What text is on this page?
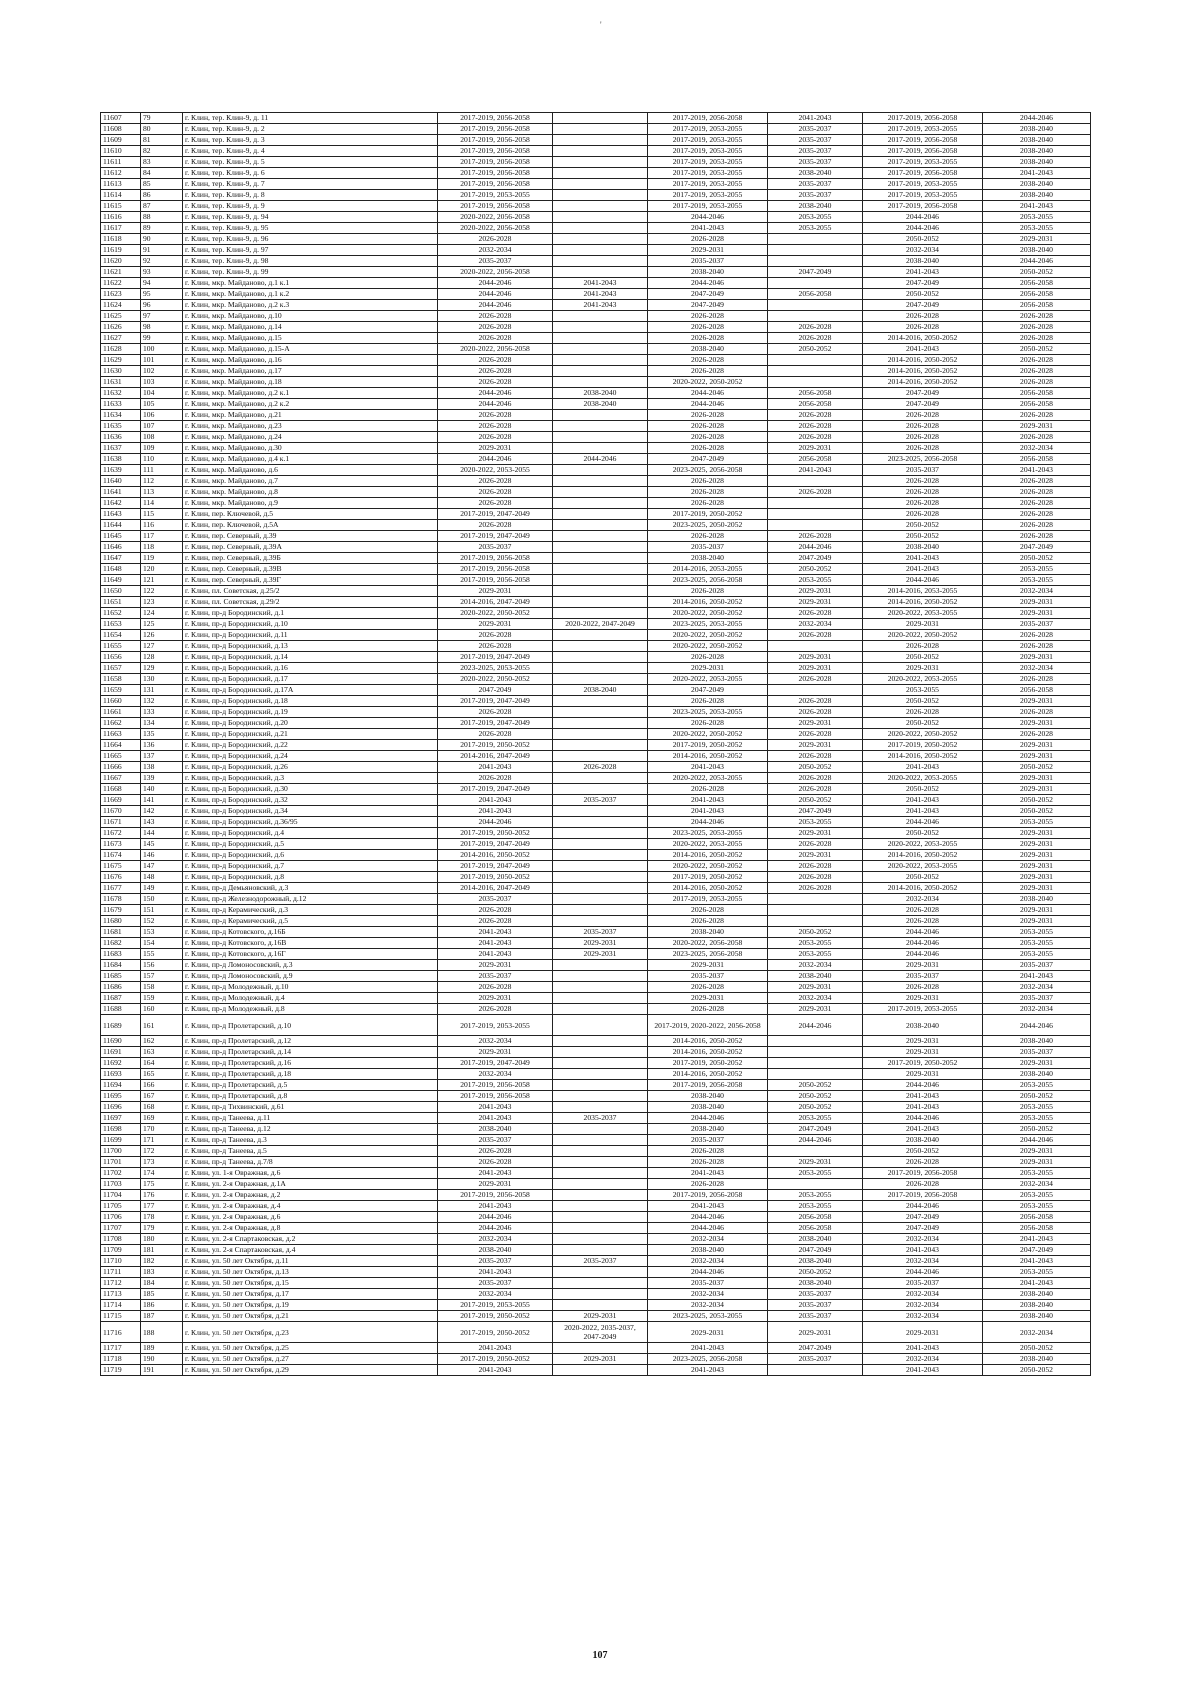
'
11607	79	г. Клин, тер. Клин-9, д. 11	2017-2019, 2056-2058		2017-2019, 2056-2058	2041-2043	2017-2019, 2056-2058	2044-2046
11608	80	г. Клин, тер. Клин-9, д. 2	2017-2019, 2056-2058		2017-2019, 2053-2055	2035-2037	2017-2019, 2053-2055	2038-2040
11609	81	г. Клин, тер. Клин-9, д. 3	2017-2019, 2056-2058		2017-2019, 2053-2055	2035-2037	2017-2019, 2056-2058	2038-2040
11610	82	г. Клин, тер. Клин-9, д. 4	2017-2019, 2056-2058		2017-2019, 2053-2055	2035-2037	2017-2019, 2056-2058	2038-2040
11611	83	г. Клин, тер. Клин-9, д. 5	2017-2019, 2056-2058		2017-2019, 2053-2055	2035-2037	2017-2019, 2053-2055	2038-2040
11612	84	г. Клин, тер. Клин-9, д. 6	2017-2019, 2056-2058		2017-2019, 2053-2055	2038-2040	2017-2019, 2056-2058	2041-2043
11613	85	г. Клин, тер. Клин-9, д. 7	2017-2019, 2056-2058		2017-2019, 2053-2055	2035-2037	2017-2019, 2053-2055	2038-2040
11614	86	г. Клин, тер. Клин-9, д. 8	2017-2019, 2053-2055		2017-2019, 2053-2055	2035-2037	2017-2019, 2053-2055	2038-2040
11615	87	г. Клин, тер. Клин-9, д. 9	2017-2019, 2056-2058		2017-2019, 2053-2055	2038-2040	2017-2019, 2056-2058	2041-2043
11616	88	г. Клин, тер. Клин-9, д. 94	2020-2022, 2056-2058		2044-2046	2053-2055	2044-2046	2053-2055
11617	89	г. Клин, тер. Клин-9, д. 95	2020-2022, 2056-2058		2041-2043	2053-2055	2044-2046	2053-2055
11618	90	г. Клин, тер. Клин-9, д. 96	2026-2028		2026-2028		2050-2052	2029-2031
11619	91	г. Клин, тер. Клин-9, д. 97	2032-2034		2029-2031		2032-2034	2038-2040
11620	92	г. Клин, тер. Клин-9, д. 98	2035-2037		2035-2037		2038-2040	2044-2046
11621	93	г. Клин, тер. Клин-9, д. 99	2020-2022, 2056-2058		2038-2040	2047-2049	2041-2043	2050-2052
11622	94	г. Клин, мкр. Майданово, д.1 к.1	2044-2046	2041-2043	2044-2046		2047-2049	2056-2058
11623	95	г. Клин, мкр. Майданово, д.1 к.2	2044-2046	2041-2043	2047-2049	2056-2058	2050-2052	2056-2058
11624	96	г. Клин, мкр. Майданово, д.2 к.3	2044-2046	2041-2043	2047-2049		2047-2049	2056-2058
11625	97	г. Клин, мкр. Майданово, д.10	2026-2028		2026-2028		2026-2028	2026-2028
11626	98	г. Клин, мкр. Майданово, д.14	2026-2028		2026-2028	2026-2028	2026-2028	2026-2028
11627	99	г. Клин, мкр. Майданово, д.15	2026-2028		2026-2028	2026-2028	2014-2016, 2050-2052	2026-2028
11628	100	г. Клин, мкр. Майданово, д.15-А	2020-2022, 2056-2058		2038-2040	2050-2052	2041-2043	2050-2052
11629	101	г. Клин, мкр. Майданово, д.16	2026-2028		2026-2028		2014-2016, 2050-2052	2026-2028
11630	102	г. Клин, мкр. Майданово, д.17	2026-2028		2026-2028		2014-2016, 2050-2052	2026-2028
11631	103	г. Клин, мкр. Майданово, д.18	2026-2028		2020-2022, 2050-2052		2014-2016, 2050-2052	2026-2028
11632	104	г. Клин, мкр. Майданово, д.2 к.1	2044-2046	2038-2040	2044-2046	2056-2058	2047-2049	2056-2058
11633	105	г. Клин, мкр. Майданово, д.2 к.2	2044-2046	2038-2040	2044-2046	2056-2058	2047-2049	2056-2058
11634	106	г. Клин, мкр. Майданово, д.21	2026-2028		2026-2028	2026-2028	2026-2028	2026-2028
11635	107	г. Клин, мкр. Майданово, д.23	2026-2028		2026-2028	2026-2028	2026-2028	2029-2031
11636	108	г. Клин, мкр. Майданово, д.24	2026-2028		2026-2028	2026-2028	2026-2028	2026-2028
11637	109	г. Клин, мкр. Майданово, д.30	2029-2031		2026-2028	2029-2031	2026-2028	2032-2034
11638	110	г. Клин, мкр. Майданово, д.4 к.1	2044-2046	2044-2046	2047-2049	2056-2058	2023-2025, 2056-2058	2056-2058
11639	111	г. Клин, мкр. Майданово, д.6	2020-2022, 2053-2055		2023-2025, 2056-2058	2041-2043	2035-2037	2041-2043
11640	112	г. Клин, мкр. Майданово, д.7	2026-2028		2026-2028		2026-2028	2026-2028
11641	113	г. Клин, мкр. Майданово, д.8	2026-2028		2026-2028	2026-2028	2026-2028	2026-2028
11642	114	г. Клин, мкр. Майданово, д.9	2026-2028		2026-2028		2026-2028	2026-2028
11643	115	г. Клин, пер. Ключевой, д.5	2017-2019, 2047-2049		2017-2019, 2050-2052		2026-2028	2026-2028
11644	116	г. Клин, пер. Ключевой, д.5А	2026-2028		2023-2025, 2050-2052		2050-2052	2026-2028
11645	117	г. Клин, пер. Северный, д.39	2017-2019, 2047-2049		2026-2028	2026-2028	2050-2052	2026-2028
11646	118	г. Клин, пер. Северный, д.39А	2035-2037		2035-2037	2044-2046	2038-2040	2047-2049
11647	119	г. Клин, пер. Северный, д.39Б	2017-2019, 2056-2058		2038-2040	2047-2049	2041-2043	2050-2052
11648	120	г. Клин, пер. Северный, д.39В	2017-2019, 2056-2058		2014-2016, 2053-2055	2050-2052	2041-2043	2053-2055
11649	121	г. Клин, пер. Северный, д.39Г	2017-2019, 2056-2058		2023-2025, 2056-2058	2053-2055	2044-2046	2053-2055
11650	122	г. Клин, пл. Советская, д.25/2	2029-2031		2026-2028	2029-2031	2014-2016, 2053-2055	2032-2034
11651	123	г. Клин, пл. Советская, д.29/2	2014-2016, 2047-2049		2014-2016, 2050-2052	2029-2031	2014-2016, 2050-2052	2029-2031
11652	124	г. Клин, пр-д Бородинский, д.1	2020-2022, 2050-2052		2020-2022, 2050-2052	2026-2028	2020-2022, 2053-2055	2029-2031
11653	125	г. Клин, пр-д Бородинский, д.10	2029-2031	2020-2022, 2047-2049	2023-2025, 2053-2055	2032-2034	2029-2031	2035-2037
11654	126	г. Клин, пр-д Бородинский, д.11	2026-2028		2020-2022, 2050-2052	2026-2028	2020-2022, 2050-2052	2026-2028
11655	127	г. Клин, пр-д Бородинский, д.13	2026-2028		2020-2022, 2050-2052		2026-2028	2026-2028
11656	128	г. Клин, пр-д Бородинский, д.14	2017-2019, 2047-2049		2026-2028	2029-2031	2050-2052	2029-2031
11657	129	г. Клин, пр-д Бородинский, д.16	2023-2025, 2053-2055		2029-2031	2029-2031	2029-2031	2032-2034
11658	130	г. Клин, пр-д Бородинский, д.17	2020-2022, 2050-2052		2020-2022, 2053-2055	2026-2028	2020-2022, 2053-2055	2026-2028
11659	131	г. Клин, пр-д Бородинский, д.17А	2047-2049	2038-2040	2047-2049		2053-2055	2056-2058
11660	132	г. Клин, пр-д Бородинский, д.18	2017-2019, 2047-2049		2026-2028	2026-2028	2050-2052	2029-2031
11661	133	г. Клин, пр-д Бородинский, д.19	2026-2028		2023-2025, 2053-2055	2026-2028	2026-2028	2026-2028
11662	134	г. Клин, пр-д Бородинский, д.20	2017-2019, 2047-2049		2026-2028	2029-2031	2050-2052	2029-2031
11663	135	г. Клин, пр-д Бородинский, д.21	2026-2028		2020-2022, 2050-2052	2026-2028	2020-2022, 2050-2052	2026-2028
11664	136	г. Клин, пр-д Бородинский, д.22	2017-2019, 2050-2052		2017-2019, 2050-2052	2029-2031	2017-2019, 2050-2052	2029-2031
11665	137	г. Клин, пр-д Бородинский, д.24	2014-2016, 2047-2049		2014-2016, 2050-2052	2026-2028	2014-2016, 2050-2052	2029-2031
11666	138	г. Клин, пр-д Бородинский, д.26	2041-2043	2026-2028	2041-2043	2050-2052	2041-2043	2050-2052
11667	139	г. Клин, пр-д Бородинский, д.3	2026-2028		2020-2022, 2053-2055	2026-2028	2020-2022, 2053-2055	2029-2031
11668	140	г. Клин, пр-д Бородинский, д.30	2017-2019, 2047-2049		2026-2028	2026-2028	2050-2052	2029-2031
11669	141	г. Клин, пр-д Бородинский, д.32	2041-2043	2035-2037	2041-2043	2050-2052	2041-2043	2050-2052
11670	142	г. Клин, пр-д Бородинский, д.34	2041-2043		2041-2043	2047-2049	2041-2043	2050-2052
11671	143	г. Клин, пр-д Бородинский, д.36/95	2044-2046		2044-2046	2053-2055	2044-2046	2053-2055
11672	144	г. Клин, пр-д Бородинский, д.4	2017-2019, 2050-2052		2023-2025, 2053-2055	2029-2031	2050-2052	2029-2031
11673	145	г. Клин, пр-д Бородинский, д.5	2017-2019, 2047-2049		2020-2022, 2053-2055	2026-2028	2020-2022, 2053-2055	2029-2031
11674	146	г. Клин, пр-д Бородинский, д.6	2014-2016, 2050-2052		2014-2016, 2050-2052	2029-2031	2014-2016, 2050-2052	2029-2031
11675	147	г. Клин, пр-д Бородинский, д.7	2017-2019, 2047-2049		2020-2022, 2050-2052	2026-2028	2020-2022, 2053-2055	2029-2031
11676	148	г. Клин, пр-д Бородинский, д.8	2017-2019, 2050-2052		2017-2019, 2050-2052	2026-2028	2050-2052	2029-2031
11677	149	г. Клин, пр-д Демьяновский, д.3	2014-2016, 2047-2049		2014-2016, 2050-2052	2026-2028	2014-2016, 2050-2052	2029-2031
11678	150	г. Клин, пр-д Железнодорожный, д.12	2035-2037		2017-2019, 2053-2055		2032-2034	2038-2040
11679	151	г. Клин, пр-д Керамический, д.3	2026-2028		2026-2028		2026-2028	2029-2031
11680	152	г. Клин, пр-д Керамический, д.5	2026-2028		2026-2028		2026-2028	2029-2031
11681	153	г. Клин, пр-д Котовского, д.16Б	2041-2043	2035-2037	2038-2040	2050-2052	2044-2046	2053-2055
11682	154	г. Клин, пр-д Котовского, д.16В	2041-2043	2029-2031	2020-2022, 2056-2058	2053-2055	2044-2046	2053-2055
11683	155	г. Клин, пр-д Котовского, д.16Г	2041-2043	2029-2031	2023-2025, 2056-2058	2053-2055	2044-2046	2053-2055
11684	156	г. Клин, пр-д Ломоносовский, д.3	2029-2031		2029-2031	2032-2034	2029-2031	2035-2037
11685	157	г. Клин, пр-д Ломоносовский, д.9	2035-2037		2035-2037	2038-2040	2035-2037	2041-2043
11686	158	г. Клин, пр-д Молодежный, д.10	2026-2028		2026-2028	2029-2031	2026-2028	2032-2034
11687	159	г. Клин, пр-д Молодежный, д.4	2029-2031		2029-2031	2032-2034	2029-2031	2035-2037
11688	160	г. Клин, пр-д Молодежный, д.8	2026-2028		2026-2028	2029-2031	2017-2019, 2053-2055	2032-2034
11689	161	г. Клин, пр-д Пролетарский, д.10	2017-2019, 2053-2055		2017-2019, 2020-2022, 2056-2058	2044-2046	2038-2040	2044-2046
11690	162	г. Клин, пр-д Пролетарский, д.12	2032-2034		2014-2016, 2050-2052		2029-2031	2038-2040
11691	163	г. Клин, пр-д Пролетарский, д.14	2029-2031		2014-2016, 2050-2052		2029-2031	2035-2037
11692	164	г. Клин, пр-д Пролетарский, д.16	2017-2019, 2047-2049		2017-2019, 2050-2052		2017-2019, 2050-2052	2029-2031
11693	165	г. Клин, пр-д Пролетарский, д.18	2032-2034		2014-2016, 2050-2052		2029-2031	2038-2040
11694	166	г. Клин, пр-д Пролетарский, д.5	2017-2019, 2056-2058		2017-2019, 2056-2058	2050-2052	2044-2046	2053-2055
11695	167	г. Клин, пр-д Пролетарский, д.8	2017-2019, 2056-2058		2038-2040	2050-2052	2041-2043	2050-2052
11696	168	г. Клин, пр-д Тихвинский, д.61	2041-2043		2038-2040	2050-2052	2041-2043	2053-2055
11697	169	г. Клин, пр-д Танеева, д.11	2041-2043	2035-2037	2044-2046	2053-2055	2044-2046	2053-2055
11698	170	г. Клин, пр-д Танеева, д.12	2038-2040		2038-2040	2047-2049	2041-2043	2050-2052
11699	171	г. Клин, пр-д Танеева, д.3	2035-2037		2035-2037	2044-2046	2038-2040	2044-2046
11700	172	г. Клин, пр-д Танеева, д.5	2026-2028		2026-2028		2050-2052	2029-2031
11701	173	г. Клин, пр-д Танеева, д.7/8	2026-2028		2026-2028	2029-2031	2026-2028	2029-2031
11702	174	г. Клин, ул. 1-я Овражная, д.6	2041-2043		2041-2043	2053-2055	2017-2019, 2056-2058	2053-2055
11703	175	г. Клин, ул. 2-я Овражная, д.1А	2029-2031		2026-2028		2026-2028	2032-2034
11704	176	г. Клин, ул. 2-я Овражная, д.2	2017-2019, 2056-2058		2017-2019, 2056-2058	2053-2055	2017-2019, 2056-2058	2053-2055
11705	177	г. Клин, ул. 2-я Овражная, д.4	2041-2043		2041-2043	2053-2055	2044-2046	2053-2055
11706	178	г. Клин, ул. 2-я Овражная, д.6	2044-2046		2044-2046	2056-2058	2047-2049	2056-2058
11707	179	г. Клин, ул. 2-я Овражная, д.8	2044-2046		2044-2046	2056-2058	2047-2049	2056-2058
11708	180	г. Клин, ул. 2-я Спартаковская, д.2	2032-2034		2032-2034	2038-2040	2032-2034	2041-2043
11709	181	г. Клин, ул. 2-я Спартаковская, д.4	2038-2040		2038-2040	2047-2049	2041-2043	2047-2049
11710	182	г. Клин, ул. 50 лет Октября, д.11	2035-2037	2035-2037	2032-2034	2038-2040	2032-2034	2041-2043
11711	183	г. Клин, ул. 50 лет Октября, д.13	2041-2043		2044-2046	2050-2052	2044-2046	2053-2055
11712	184	г. Клин, ул. 50 лет Октября, д.15	2035-2037		2035-2037	2038-2040	2035-2037	2041-2043
11713	185	г. Клин, ул. 50 лет Октября, д.17	2032-2034		2032-2034	2035-2037	2032-2034	2038-2040
11714	186	г. Клин, ул. 50 лет Октября, д.19	2017-2019, 2053-2055		2032-2034	2035-2037	2032-2034	2038-2040
11715	187	г. Клин, ул. 50 лет Октября, д.21	2017-2019, 2050-2052	2029-2031	2023-2025, 2053-2055	2035-2037	2032-2034	2038-2040
11716	188	г. Клин, ул. 50 лет Октября, д.23	2017-2019, 2050-2052	2020-2022, 2035-2037, 2047-2049	2029-2031	2029-2031	2029-2031	2032-2034
11717	189	г. Клин, ул. 50 лет Октября, д.25	2041-2043		2041-2043	2047-2049	2041-2043	2050-2052
11718	190	г. Клин, ул. 50 лет Октября, д.27	2017-2019, 2050-2052	2029-2031	2023-2025, 2056-2058	2035-2037	2032-2034	2038-2040
11719	191	г. Клин, ул. 50 лет Октября, д.29	2041-2043		2041-2043		2041-2043	2050-2052
107
